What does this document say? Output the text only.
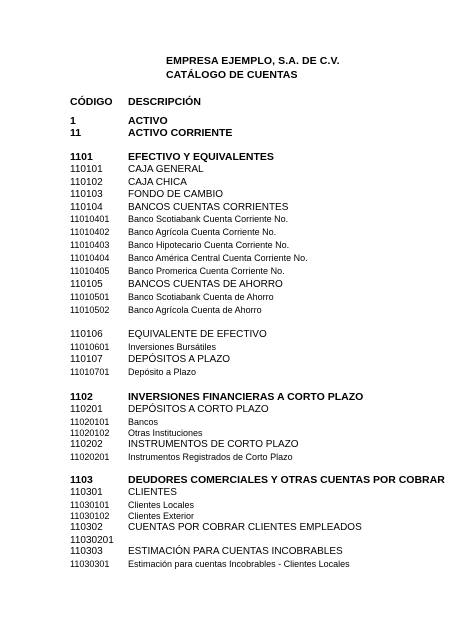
EMPRESA EJEMPLO, S.A. DE C.V.
CATÁLOGO DE CUENTAS
CÓDIGO DESCRIPCIÓN
1	ACTIVO
11	ACTIVO CORRIENTE
1101	EFECTIVO Y EQUIVALENTES
110101	CAJA GENERAL
110102	CAJA CHICA
110103	FONDO DE CAMBIO
110104	BANCOS CUENTAS CORRIENTES
11010401 Banco Scotiabank Cuenta Corriente No.
11010402 Banco Agrícola Cuenta Corriente No.
11010403 Banco Hipotecario Cuenta Corriente No.
11010404 Banco América Central Cuenta Corriente No.
11010405 Banco Promerica Cuenta Corriente No.
110105	BANCOS CUENTAS DE AHORRO
11010501 Banco Scotiabank Cuenta de Ahorro
11010502 Banco Agrícola Cuenta de Ahorro
110106	EQUIVALENTE DE EFECTIVO
11010601 Inversiones Bursátiles
110107	DEPÓSITOS A PLAZO
11010701 Depósito a Plazo
1102	INVERSIONES FINANCIERAS A CORTO PLAZO
110201	DEPÓSITOS A CORTO PLAZO
11020101 Bancos
11020102 Otras Instituciones
110202	INSTRUMENTOS DE CORTO PLAZO
11020201 Instrumentos Registrados de Corto Plazo
1103	DEUDORES COMERCIALES Y OTRAS CUENTAS POR COBRAR
110301	CLIENTES
11030101 Clientes Locales
11030102 Clientes Exterior
110302	CUENTAS POR COBRAR CLIENTES EMPLEADOS
11030201
110303	ESTIMACIÓN PARA CUENTAS INCOBRABLES
11030301 Estimación para cuentas Incobrables - Clientes Locales
